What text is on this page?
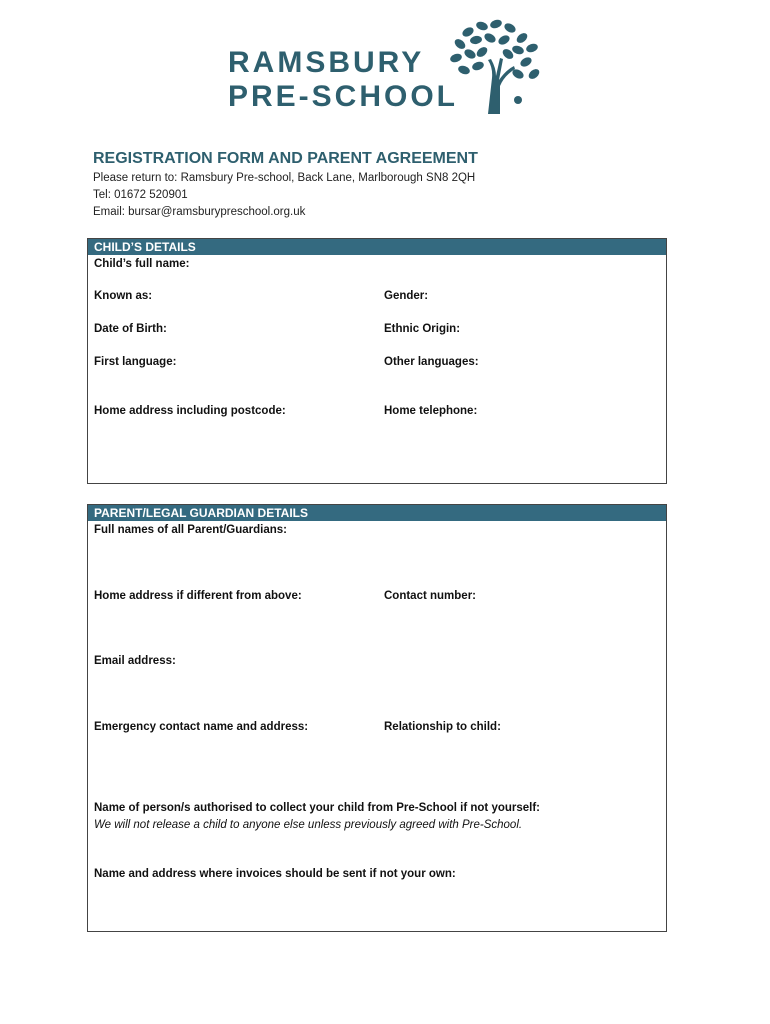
RAMSBURY
PRE-SCHOOL
REGISTRATION FORM AND PARENT AGREEMENT
Please return to: Ramsbury Pre-school, Back Lane, Marlborough SN8 2QH
Tel: 01672 520901
Email: bursar@ramsburypreschool.org.uk
CHILD’S DETAILS
Child’s full name:
Known as:	Gender:
Date of Birth:	Ethnic Origin:
First language:	Other languages:
Home address including postcode:	Home telephone:
PARENT/LEGAL GUARDIAN DETAILS
Full names of all Parent/Guardians:
Home address if different from above:	Contact number:
Email address:
Emergency contact name and address:	Relationship to child:
Name of person/s authorised to collect your child from Pre-School if not yourself:
We will not release a child to anyone else unless previously agreed with Pre-School.
Name and address where invoices should be sent if not your own:
